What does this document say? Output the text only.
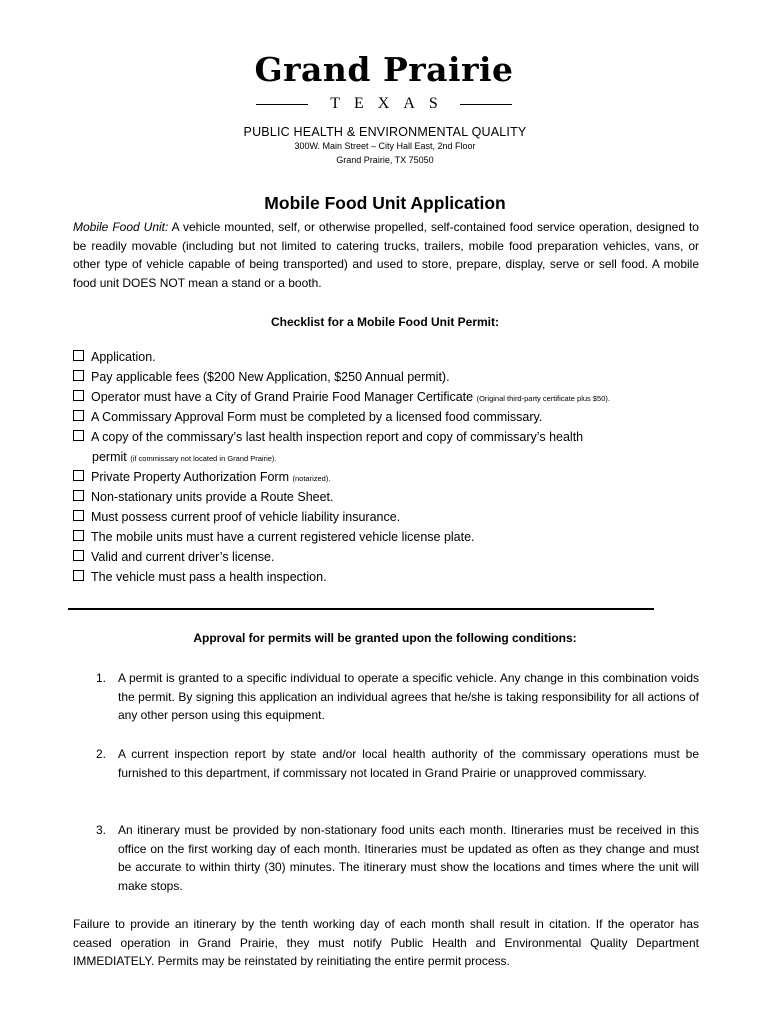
Grand Prairie
TEXAS
PUBLIC HEALTH & ENVIRONMENTAL QUALITY
300W. Main Street – City Hall East, 2nd Floor
Grand Prairie, TX 75050
Mobile Food Unit Application
Mobile Food Unit: A vehicle mounted, self, or otherwise propelled, self-contained food service operation, designed to be readily movable (including but not limited to catering trucks, trailers, mobile food preparation vehicles, vans, or other type of vehicle capable of being transported) and used to store, prepare, display, serve or sell food. A mobile food unit DOES NOT mean a stand or a booth.
Checklist for a Mobile Food Unit Permit:
Application.
Pay applicable fees ($200 New Application, $250 Annual permit).
Operator must have a City of Grand Prairie Food Manager Certificate (Original third-party certificate plus $50).
A Commissary Approval Form must be completed by a licensed food commissary.
A copy of the commissary’s last health inspection report and copy of commissary’s health
permit (if commissary not located in Grand Prairie).
Private Property Authorization Form (notarized).
Non-stationary units provide a Route Sheet.
Must possess current proof of vehicle liability insurance.
The mobile units must have a current registered vehicle license plate.
Valid and current driver’s license.
The vehicle must pass a health inspection.
Approval for permits will be granted upon the following conditions:
1. A permit is granted to a specific individual to operate a specific vehicle. Any change in this combination voids the permit. By signing this application an individual agrees that he/she is taking responsibility for all actions of any other person using this equipment.
2. A current inspection report by state and/or local health authority of the commissary operations must be furnished to this department, if commissary not located in Grand Prairie or unapproved commissary.
3. An itinerary must be provided by non-stationary food units each month. Itineraries must be received in this office on the first working day of each month. Itineraries must be updated as often as they change and must be accurate to within thirty (30) minutes. The itinerary must show the locations and times where the unit will make stops.
Failure to provide an itinerary by the tenth working day of each month shall result in citation. If the operator has ceased operation in Grand Prairie, they must notify Public Health and Environmental Quality Department IMMEDIATELY. Permits may be reinstated by reinitiating the entire permit process.
